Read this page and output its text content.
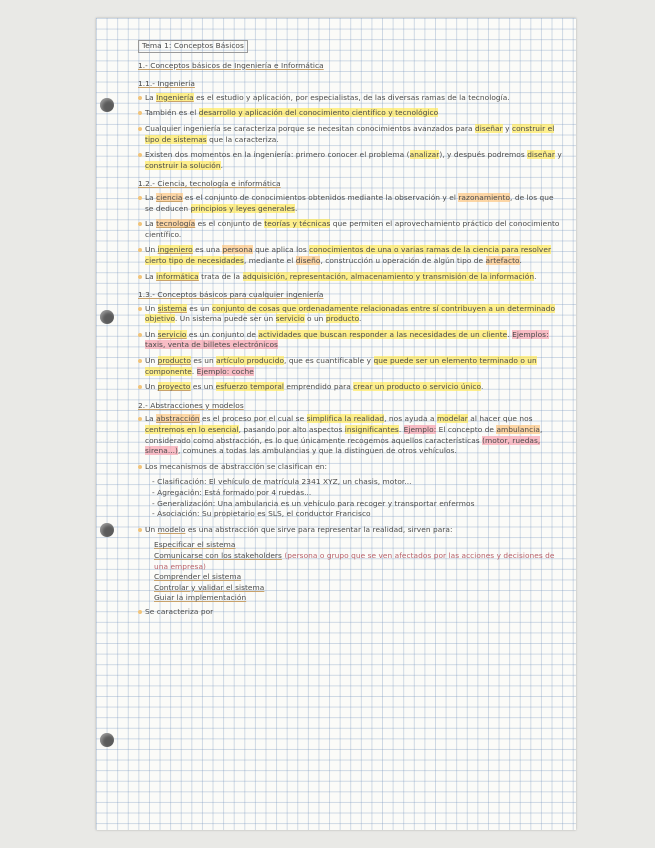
Tema 1: Conceptos Básicos
1.- Conceptos básicos de Ingeniería e Informática
1.1.- Ingeniería
La Ingeniería es el estudio y aplicación, por especialistas, de las diversas ramas de la tecnología.
También es el desarrollo y aplicación del conocimiento científico y tecnológico
Cualquier ingeniería se caracteriza porque se necesitan conocimientos avanzados para diseñar y construir el tipo de sistemas que la caracteriza.
Existen dos momentos en la ingeniería: primero conocer el problema (analizar), y después podremos diseñar y construir la solución.
1.2.- Ciencia, tecnología e informática
La ciencia es el conjunto de conocimientos obtenidos mediante la observación y el razonamiento, de los que se deducen principios y leyes generales.
La tecnología es el conjunto de teorías y técnicas que permiten el aprovechamiento práctico del conocimiento científico.
Un ingeniero es una persona que aplica los conocimientos de una o varias ramas de la ciencia para resolver cierto tipo de necesidades, mediante el diseño, construcción u operación de algún tipo de artefacto.
La informática trata de la adquisición, representación, almacenamiento y transmisión de la información.
1.3.- Conceptos básicos para cualquier ingeniería
Un sistema es un conjunto de cosas que ordenadamente relacionadas entre sí contribuyen a un determinado objetivo. Un sistema puede ser un servicio o un producto.
Un servicio es un conjunto de actividades que buscan responder a las necesidades de un cliente. Ejemplos: taxis, venta de billetes electrónicos
Un producto es un artículo producido, que es cuantificable y que puede ser un elemento terminado o un componente. Ejemplo: coche
Un proyecto es un esfuerzo temporal emprendido para crear un producto o servicio único.
2.- Abstracciones y modelos
La abstracción es el proceso por el cual se simplifica la realidad, nos ayuda a modelar al hacer que nos centremos en lo esencial, pasando por alto aspectos insignificantes. Ejemplo: El concepto de ambulancia, considerado como abstracción, es lo que únicamente recogemos aquellos características (motor, ruedas, sirena...), comunes a todas las ambulancias y que la distinguen de otros vehículos.
Los mecanismos de abstracción se clasifican en:
- Clasificación: El vehículo de matrícula 2341 XYZ, un chasis, motor...
- Agregación: Está formado por 4 ruedas...
- Generalización: Una ambulancia es un vehículo para recoger y transportar enfermos
- Asociación: Su propietario es SLS, el conductor Francisco
Un modelo es una abstracción que sirve para representar la realidad, sirven para:
Especificar el sistema
Comunicarse con los stakeholders (persona o grupo que se ven afectados por las acciones y decisiones de una empresa)
Comprender el sistema
Controlar y validar el sistema
Guiar la implementación
Se caracteriza por
